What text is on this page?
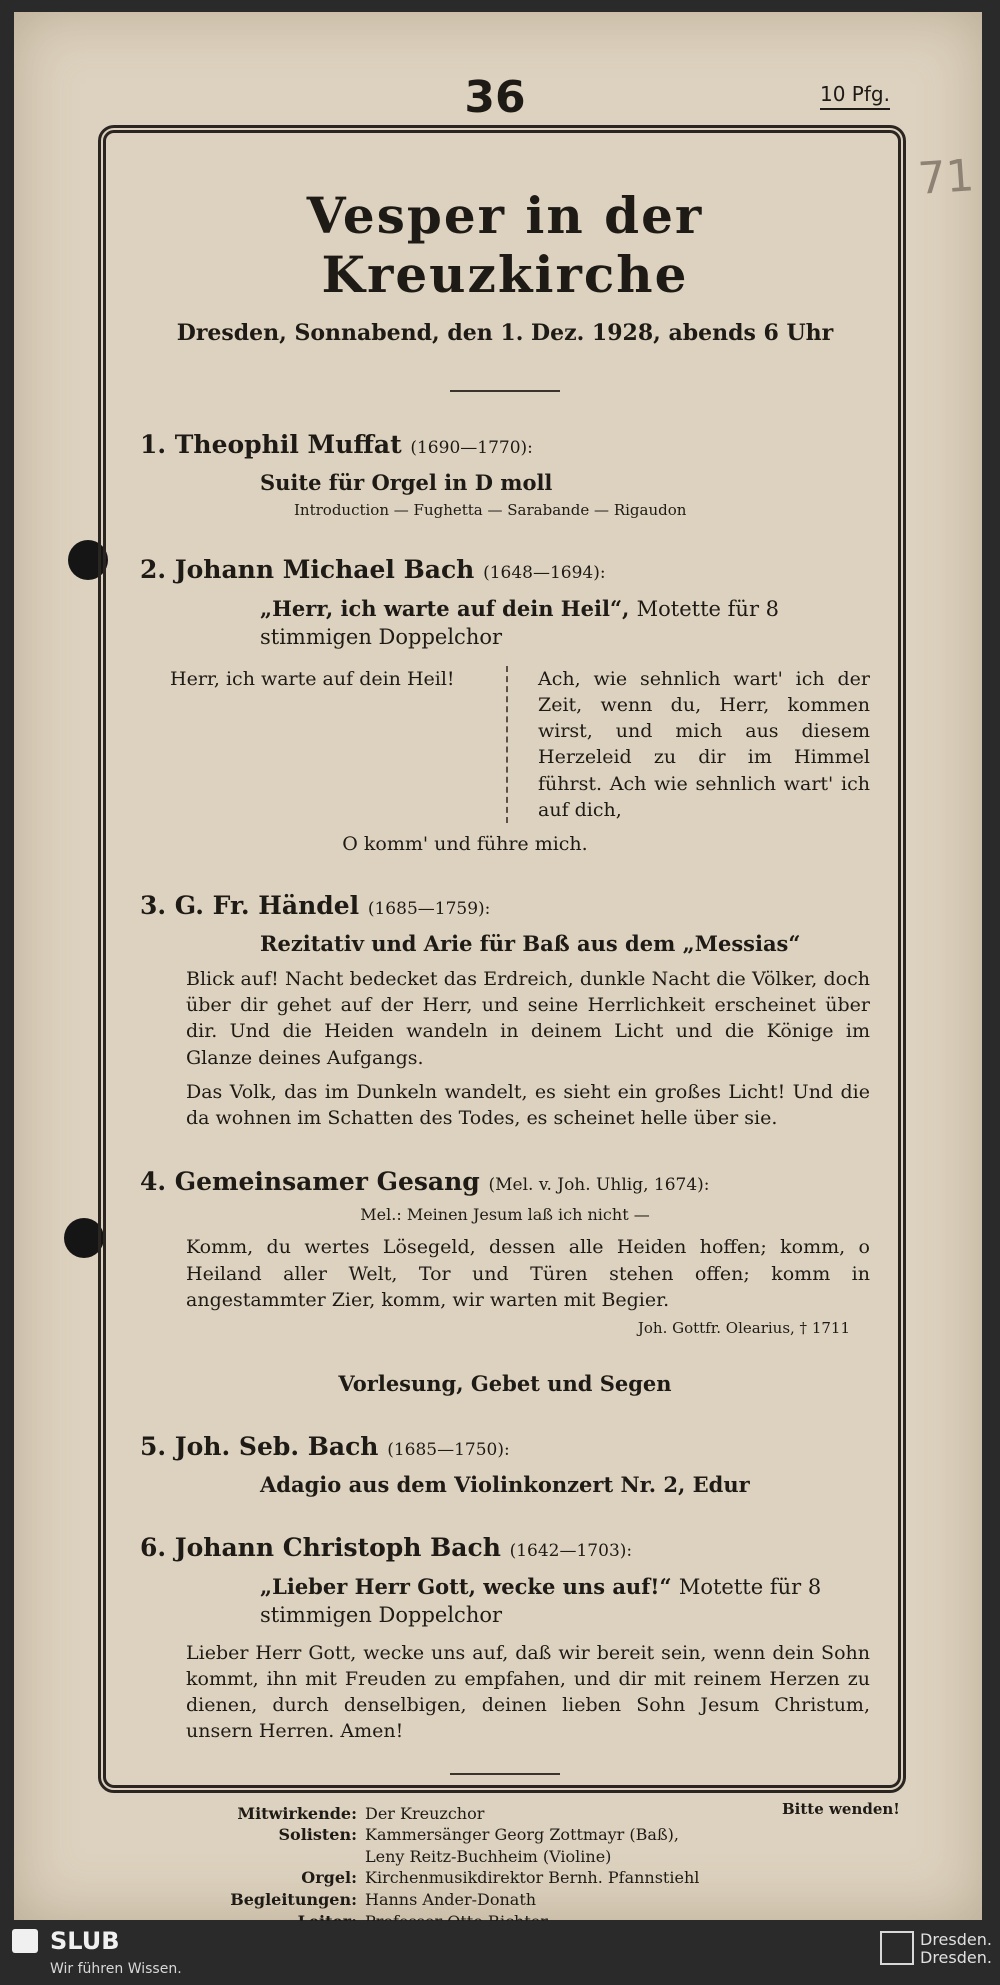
36	10 Pfg.
71
Vesper in der Kreuzkirche
Dresden, Sonnabend, den 1. Dez. 1928, abends 6 Uhr
1. Theophil Muffat (1690—1770):
Suite für Orgel in D moll
Introduction — Fughetta — Sarabande — Rigaudon
2. Johann Michael Bach (1648—1694):
„Herr, ich warte auf dein Heil“, Motette für 8 stimmigen Doppelchor
Herr, ich warte auf dein Heil!	Ach, wie sehnlich wart' ich der Zeit, wenn du, Herr, kommen wirst, und mich aus diesem Herzeleid zu dir im Himmel führst. Ach wie sehnlich wart' ich auf dich,
O komm' und führe mich.
3. G. Fr. Händel (1685—1759):
Rezitativ und Arie für Baß aus dem „Messias“
Blick auf! Nacht bedecket das Erdreich, dunkle Nacht die Völker, doch über dir gehet auf der Herr, und seine Herrlichkeit erscheinet über dir. Und die Heiden wandeln in deinem Licht und die Könige im Glanze deines Aufgangs.
Das Volk, das im Dunkeln wandelt, es sieht ein großes Licht! Und die da wohnen im Schatten des Todes, es scheinet helle über sie.
4. Gemeinsamer Gesang (Mel. v. Joh. Uhlig, 1674):
Mel.: Meinen Jesum laß ich nicht —
Komm, du wertes Lösegeld, dessen alle Heiden hoffen; komm, o Heiland aller Welt, Tor und Türen stehen offen; komm in angestammter Zier, komm, wir warten mit Begier.
Joh. Gottfr. Olearius, † 1711
Vorlesung, Gebet und Segen
5. Joh. Seb. Bach (1685—1750):
Adagio aus dem Violinkonzert Nr. 2, Edur
6. Johann Christoph Bach (1642—1703):
„Lieber Herr Gott, wecke uns auf!“ Motette für 8 stimmigen Doppelchor
Lieber Herr Gott, wecke uns auf, daß wir bereit sein, wenn dein Sohn kommt, ihn mit Freuden zu empfahen, und dir mit reinem Herzen zu dienen, durch denselbigen, deinen lieben Sohn Jesum Christum, unsern Herren. Amen!
Mitwirkende: Der Kreuzchor
Solisten: Kammersänger Georg Zottmayr (Baß),
Leny Reitz-Buchheim (Violine)
Orgel: Kirchenmusikdirektor Bernh. Pfannstiehl
Begleitungen: Hanns Ander-Donath
Bitte wenden!
SLUB
Wir führen Wissen.
Dresden. Dresden.
